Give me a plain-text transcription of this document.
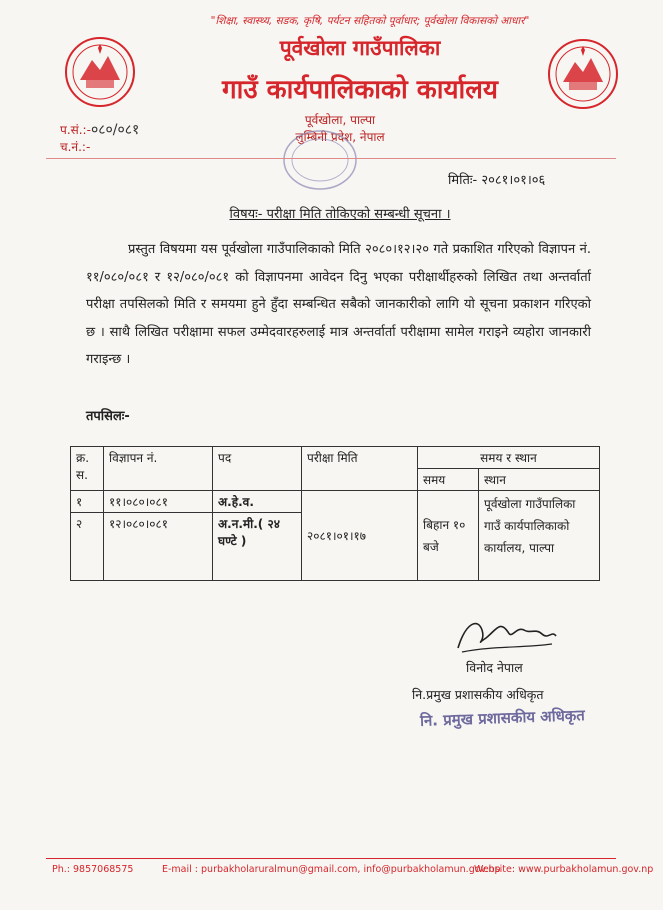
"शिक्षा, स्वास्थ्य, सडक, कृषि, पर्यटन सहितको पूर्वाधार; पूर्वखोला विकासको आधार"
पूर्वखोला गाउँपालिका
गाउँ कार्यपालिकाको कार्यालय
पूर्वखोला, पाल्पा
लुम्बिनी प्रदेश, नेपाल
प.सं.:-०८०/०८१
च.नं.:-
मितिः- २०८१।०१।०६
विषयः- परीक्षा मिति तोकिएको सम्बन्धी सूचना ।

प्रस्तुत विषयमा यस पूर्वखोला गाउँपालिकाको मिति २०८०।१२।२० गते प्रकाशित गरिएको विज्ञापन नं. ११/०८०/०८१ र १२/०८०/०८१ को विज्ञापनमा आवेदन दिनु भएका परीक्षार्थीहरुको लिखित तथा अन्तर्वार्ता परीक्षा तपसिलको मिति र समयमा हुने हुँदा सम्बन्धित सबैको जानकारीको लागि यो सूचना प्रकाशन गरिएको छ । साथै लिखित परीक्षामा सफल उम्मेदवारहरुलाई मात्र अन्तर्वार्ता परीक्षामा सामेल गराइने व्यहोरा जानकारी गराइन्छ ।

तपसिलः-
क्र. स.	विज्ञापन नं.	पद	परीक्षा मिति	समय र स्थान	
				समय	स्थान
१	११।०८०।०८१	अ.हे.व.	२०८१।०१।१७	बिहान १० बजे	पूर्वखोला गाउँपालिका गाउँ कार्यपालिकाको कार्यालय, पाल्पा
२	१२।०८०।०८१	अ.न.मी.( २४ घण्टे )			
विनोद नेपाल
नि.प्रमुख प्रशासकीय अधिकृत
नि. प्रमुख प्रशासकीय अधिकृत
Ph.: 9857068575	E-mail : purbakholaruralmun@gmail.com, info@purbakholamun.gov.np
Website: www.purbakholamun.gov.np
